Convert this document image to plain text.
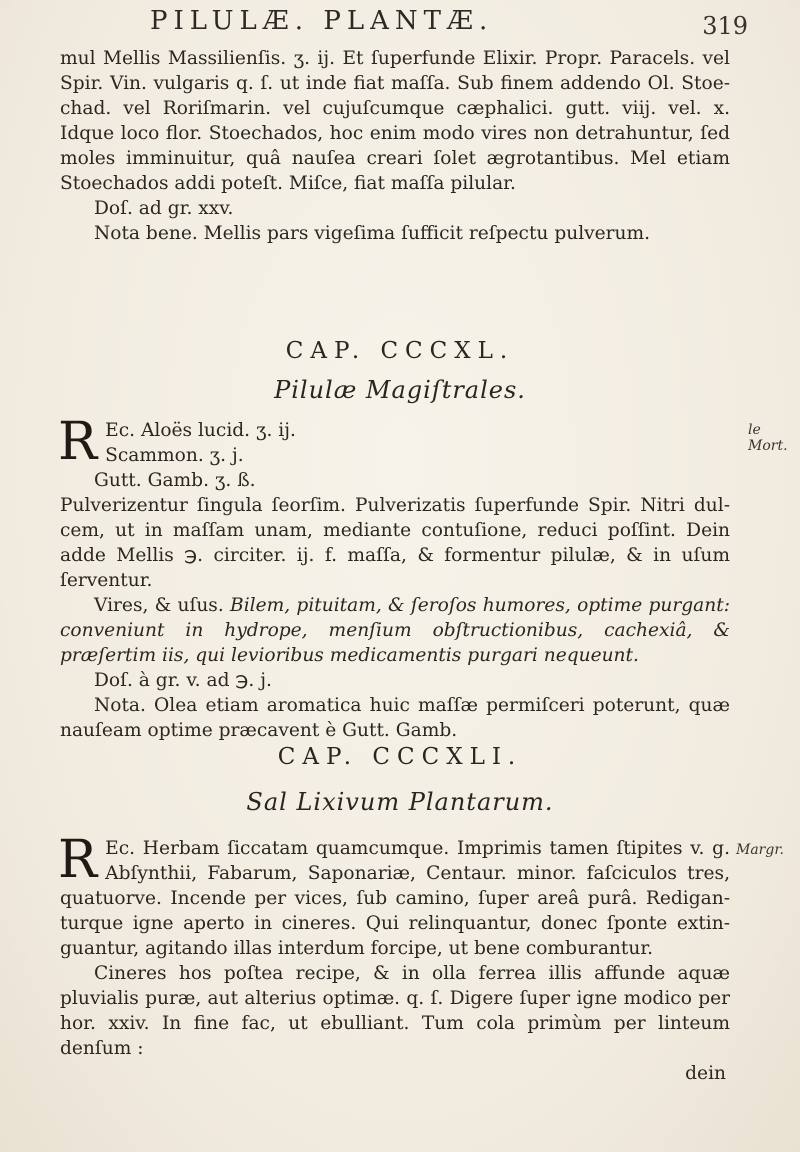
PILULÆ. PLANTÆ.	319

mul Mellis Massilienſis. ʒ. ij. Et ſuperfunde Elixir. Propr. Paracels. vel Spir. Vin. vulgaris q. ſ. ut inde fiat maſſa. Sub finem addendo Ol. Stoe-chad. vel Roriſmarin. vel cujuſcumque cæphalici. gutt. viij. vel. x. Idque loco flor. Stoechados, hoc enim modo vires non detrahuntur, ſed moles imminuitur, quâ nauſea creari ſolet ægrotantibus. Mel etiam Stoechados addi poteſt. Miſce, fiat maſſa pilular.

Doſ. ad gr. xxv.

Nota bene. Mellis pars vigeſima ſufficit reſpectu pulverum.

CAP. CCCXL.
Pilulæ Magiſtrales.
le Mort.

R Ec. Aloës lucid. ʒ. ij.

Scammon. ʒ. j.

Gutt. Gamb. ʒ. ß.

Pulverizentur ſingula ſeorſim. Pulverizatis ſuperfunde Spir. Nitri dul-cem, ut in maſſam unam, mediante contuſione, reduci poſſint. Dein adde Mellis ℈. circiter. ij. f. maſſa, & formentur pilulæ, & in uſum ſerventur.

Vires, & uſus. Bilem, pituitam, & ſeroſos humores, optime purgant: conveniunt in hydrope, menſium obſtructionibus, cachexiâ, & præſertim iis, qui levioribus medicamentis purgari nequeunt.

Doſ. à gr. v. ad ℈. j.

Nota. Olea etiam aromatica huic maſſæ permiſceri poterunt, quæ nauſeam optime præcavent è Gutt. Gamb.

CAP. CCCXLI.
Sal Lixivum Plantarum.
Margr.

R Ec. Herbam ſiccatam quamcumque. Imprimis tamen ſtipites v. g. Abſynthii, Fabarum, Saponariæ, Centaur. minor. faſciculos tres, quatuorve. Incende per vices, ſub camino, ſuper areâ purâ. Redigan-turque igne aperto in cineres. Qui relinquantur, donec ſponte extin-guantur, agitando illas interdum forcipe, ut bene comburantur.

Cineres hos poſtea recipe, & in olla ferrea illis affunde aquæ pluvialis puræ, aut alterius optimæ. q. ſ. Digere ſuper igne modico per hor. xxiv. In fine fac, ut ebulliant. Tum cola primùm per linteum denſum :

dein
